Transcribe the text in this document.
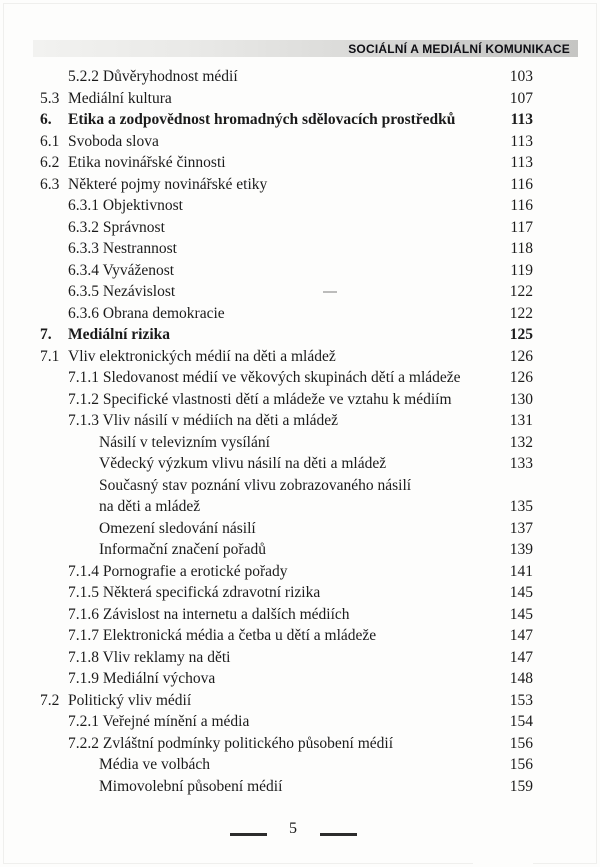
SOCIÁLNÍ A MEDIÁLNÍ KOMUNIKACE
5.2.2 Důvěryhodnost médií	103
5.3 Mediální kultura	107
6. Etika a zodpovědnost hromadných sdělovacích prostředků	113
6.1 Svoboda slova	113
6.2 Etika novinářské činnosti	113
6.3 Některé pojmy novinářské etiky	116
6.3.1 Objektivnost	116
6.3.2 Správnost	117
6.3.3 Nestrannost	118
6.3.4 Vyváženost	119
6.3.5 Nezávislost	122
6.3.6 Obrana demokracie	122
7. Mediální rizika	125
7.1 Vliv elektronických médií na děti a mládež	126
7.1.1 Sledovanost médií ve věkových skupinách dětí a mládeže	126
7.1.2 Specifické vlastnosti dětí a mládeže ve vztahu k médiím	130
7.1.3 Vliv násilí v médiích na děti a mládež	131
Násilí v televizním vysílání	132
Vědecký výzkum vlivu násilí na děti a mládež	133
Současný stav poznání vlivu zobrazovaného násilí
na děti a mládež	135
Omezení sledování násilí	137
Informační značení pořadů	139
7.1.4 Pornografie a erotické pořady	141
7.1.5 Některá specifická zdravotní rizika	145
7.1.6 Závislost na internetu a dalších médiích	145
7.1.7 Elektronická média a četba u dětí a mládeže	147
7.1.8 Vliv reklamy na děti	147
7.1.9 Mediální výchova	148
7.2 Politický vliv médií	153
7.2.1 Veřejné mínění a média	154
7.2.2 Zvláštní podmínky politického působení médií	156
Média ve volbách	156
Mimovolební působení médií	159
5
